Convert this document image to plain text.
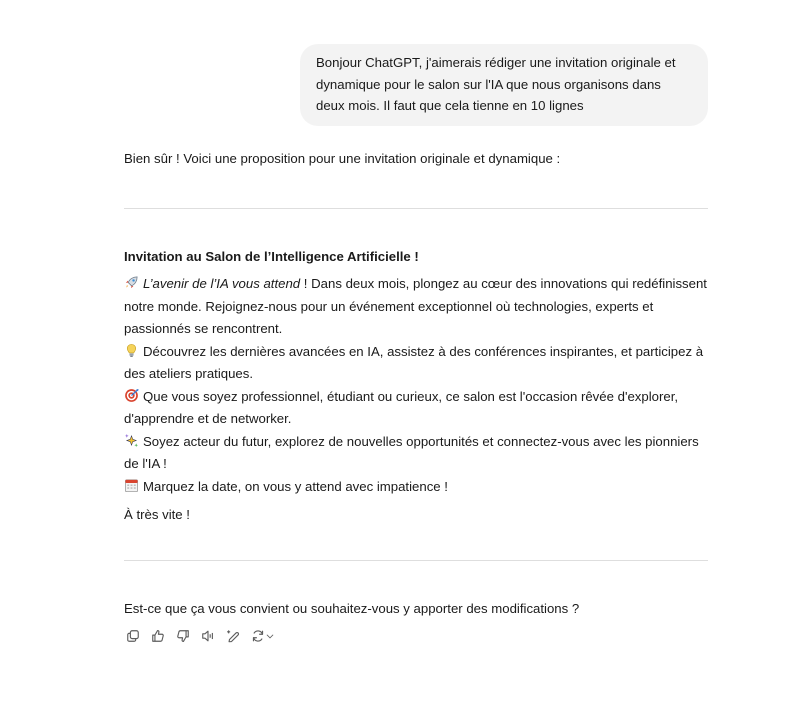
Bonjour ChatGPT, j'aimerais rédiger une invitation originale et dynamique pour le salon sur l'IA que nous organisons dans deux mois. Il faut que cela tienne en 10 lignes

Bien sûr ! Voici une proposition pour une invitation originale et dynamique :

Invitation au Salon de l’Intelligence Artificielle !
L’avenir de l’IA vous attend ! Dans deux mois, plongez au cœur des innovations qui redéfinissent notre monde. Rejoignez-nous pour un événement exceptionnel où technologies, experts et passionnés se rencontrent.
Découvrez les dernières avancées en IA, assistez à des conférences inspirantes, et participez à des ateliers pratiques.
Que vous soyez professionnel, étudiant ou curieux, ce salon est l'occasion rêvée d'explorer, d'apprendre et de networker.
Soyez acteur du futur, explorez de nouvelles opportunités et connectez-vous avec les pionniers de l'IA !
Marquez la date, on vous y attend avec impatience !

À très vite !

Est-ce que ça vous convient ou souhaitez-vous y apporter des modifications ?
